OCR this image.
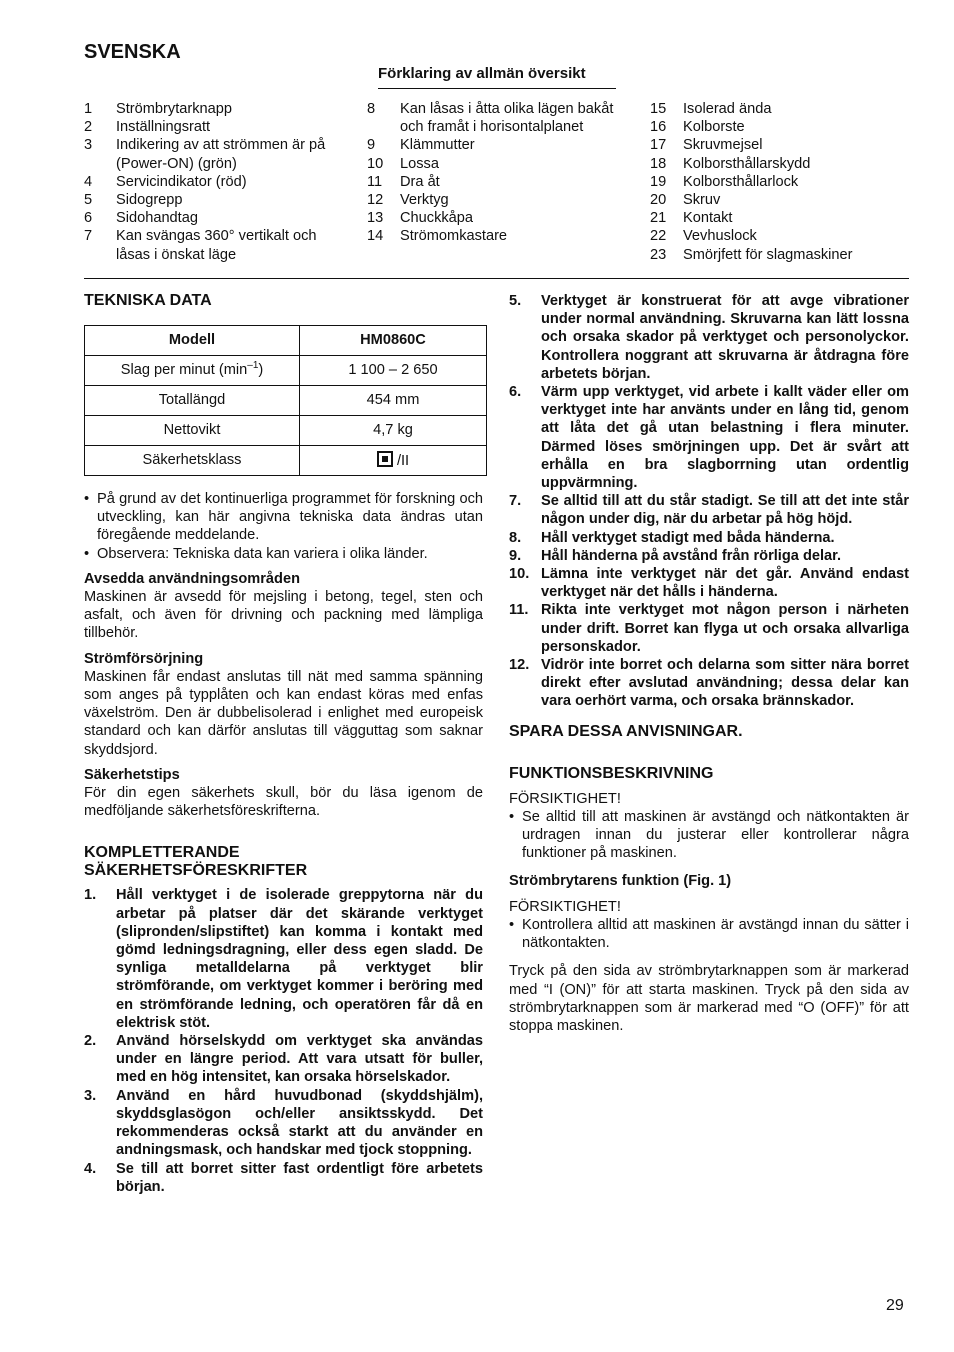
SVENSKA
Förklaring av allmän översikt
1	Strömbrytarknapp
2	Inställningsratt
3	Indikering av att strömmen är på (Power-ON) (grön)
4	Servicindikator (röd)
5	Sidogrepp
6	Sidohandtag
7	Kan svängas 360° vertikalt och låsas i önskat läge
8	Kan låsas i åtta olika lägen bakåt och framåt i horisontalplanet
9	Klämmutter
10	Lossa
11	Dra åt
12	Verktyg
13	Chuckkåpa
14	Strömomkastare
15	Isolerad ända
16	Kolborste
17	Skruvmejsel
18	Kolborsthållarskydd
19	Kolborsthållarlock
20	Skruv
21	Kontakt
22	Vevhuslock
23	Smörjfett för slagmaskiner
TEKNISKA DATA
Modell	HM0860C
Slag per minut $(\min^{-1})$	1 100 – 2 650
Totallängd	454 mm
Nettovikt	4,7 kg
Säkerhetsklass	/II
• På grund av det kontinuerliga programmet för forskning och utveckling, kan här angivna tekniska data ändras utan föregående meddelande.
• Observera: Tekniska data kan variera i olika länder.
Avsedda användningsområden

Maskinen är avsedd för mejsling i betong, tegel, sten och asfalt, och även för drivning och packning med lämpliga tillbehör.

Strömförsörjning

Maskinen får endast anslutas till nät med samma spänning som anges på typplåten och kan endast köras med enfas växelström. Den är dubbelisolerad i enlighet med europeisk standard och kan därför anslutas till vägguttag som saknar skyddsjord.

Säkerhetstips

För din egen säkerhets skull, bör du läsa igenom de medföljande säkerhetsföreskrifterna.

KOMPLETTERANDE
SÄKERHETSFÖRESKRIFTER
1.	Håll verktyget i de isolerade greppytorna när du arbetar på platser där det skärande verktyget (slipronden/slipstiftet) kan komma i kontakt med gömd ledningsdragning, eller dess egen sladd. De synliga metalldelarna på verktyget blir strömförande, om verktyget kommer i beröring med en strömförande ledning, och operatören får då en elektrisk stöt.
2.	Använd hörselskydd om verktyget ska användas under en längre period. Att vara utsatt för buller, med en hög intensitet, kan orsaka hörselskador.
3.	Använd en hård huvudbonad (skyddshjälm), skyddsglasögon och/eller ansiktsskydd. Det rekommenderas också starkt att du använder en andningsmask, och handskar med tjock stoppning.
4.	Se till att borret sitter fast ordentligt före arbetets början.
5.	Verktyget är konstruerat för att avge vibrationer under normal användning. Skruvarna kan lätt lossna och orsaka skador på verktyget och personolyckor. Kontrollera noggrant att skruvarna är åtdragna före arbetets början.
6.	Värm upp verktyget, vid arbete i kallt väder eller om verktyget inte har använts under en lång tid, genom att låta det gå utan belastning i flera minuter. Därmed löses smörjningen upp. Det är svårt att erhålla en bra slagborrning utan ordentlig uppvärmning.
7.	Se alltid till att du står stadigt. Se till att det inte står någon under dig, när du arbetar på hög höjd.
8.	Håll verktyget stadigt med båda händerna.
9.	Håll händerna på avstånd från rörliga delar.
10. Lämna inte verktyget när det går. Använd endast verktyget när det hålls i händerna.
11. Rikta inte verktyget mot någon person i närheten under drift. Borret kan flyga ut och orsaka allvarliga personskador.
12. Vidrör inte borret och delarna som sitter nära borret direkt efter avslutad användning; dessa delar kan vara oerhört varma, och orsaka brännskador.
SPARA DESSA ANVISNINGAR.
FUNKTIONSBESKRIVNING
FÖRSIKTIGHET!
• Se alltid till att maskinen är avstängd och nätkontakten är urdragen innan du justerar eller kontrollerar några funktioner på maskinen.
Strömbrytarens funktion (Fig. 1)
FÖRSIKTIGHET!
• Kontrollera alltid att maskinen är avstängd innan du sätter i nätkontakten.

Tryck på den sida av strömbrytarknappen som är markerad med “I (ON)” för att starta maskinen. Tryck på den sida av strömbrytarknappen som är markerad med “O (OFF)” för att stoppa maskinen.

29
